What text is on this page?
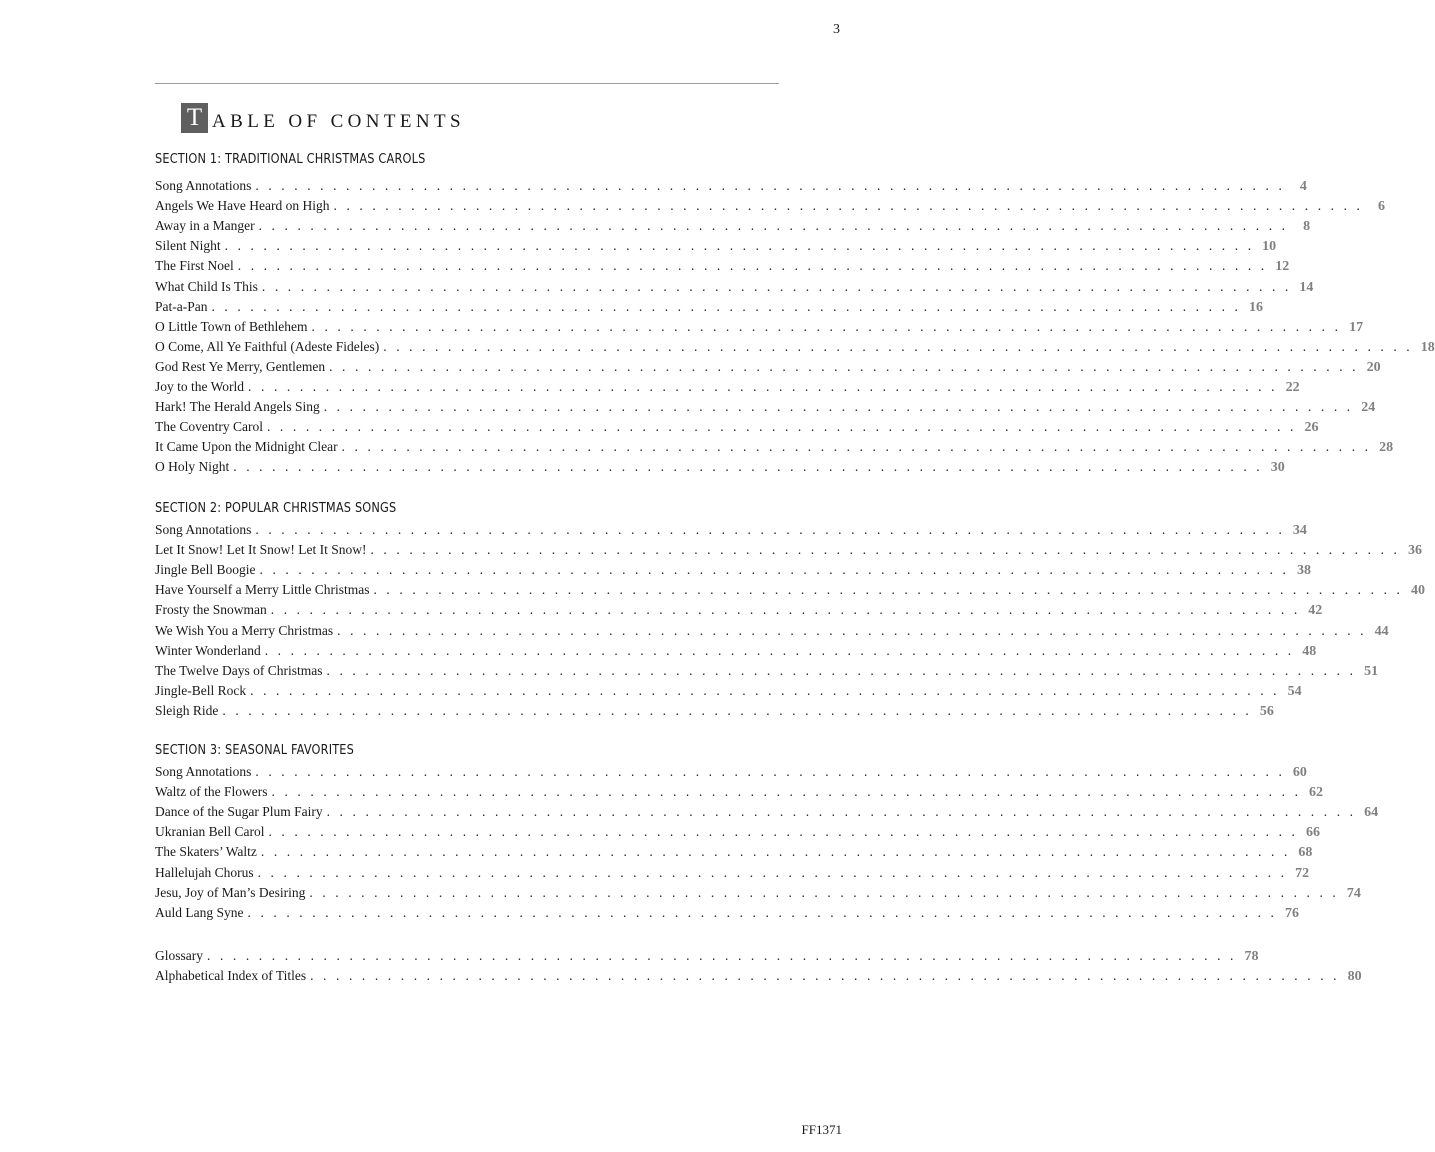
3
T ABLE OF CONTENTS
SECTION 1: TRADITIONAL CHRISTMAS CAROLS
Song Annotations . . . . . . . . . . . . . . . . . . . . . . . . . . . . . . . . . . . . . . . . . . . . . . . . . . . . . . . . . . . . . . . . . . . . . . . . . . . . . . . .	4
Angels We Have Heard on High . . . . . . . . . . . . . . . . . . . . . . . . . . . . . . . . . . . . . . . . . . . . . . . . . . . . . . . . . . . . . . . . . . . . . . . . . . . . . . . .	6
Away in a Manger . . . . . . . . . . . . . . . . . . . . . . . . . . . . . . . . . . . . . . . . . . . . . . . . . . . . . . . . . . . . . . . . . . . . . . . . . . . . . . . .	8
Silent Night . . . . . . . . . . . . . . . . . . . . . . . . . . . . . . . . . . . . . . . . . . . . . . . . . . . . . . . . . . . . . . . . . . . . . . . . . . . . . . . . 10
The First Noel . . . . . . . . . . . . . . . . . . . . . . . . . . . . . . . . . . . . . . . . . . . . . . . . . . . . . . . . . . . . . . . . . . . . . . . . . . . . . . . . 12
What Child Is This . . . . . . . . . . . . . . . . . . . . . . . . . . . . . . . . . . . . . . . . . . . . . . . . . . . . . . . . . . . . . . . . . . . . . . . . . . . . . . . . 14
Pat-a-Pan . . . . . . . . . . . . . . . . . . . . . . . . . . . . . . . . . . . . . . . . . . . . . . . . . . . . . . . . . . . . . . . . . . . . . . . . . . . . . . . . 16
O Little Town of Bethlehem . . . . . . . . . . . . . . . . . . . . . . . . . . . . . . . . . . . . . . . . . . . . . . . . . . . . . . . . . . . . . . . . . . . . . . . . . . . . . . . . 17
O Come, All Ye Faithful (Adeste Fideles) . . . . . . . . . . . . . . . . . . . . . . . . . . . . . . . . . . . . . . . . . . . . . . . . . . . . . . . . . . . . . . . . . . . . . . . . . . . . . . . . 18
God Rest Ye Merry, Gentlemen . . . . . . . . . . . . . . . . . . . . . . . . . . . . . . . . . . . . . . . . . . . . . . . . . . . . . . . . . . . . . . . . . . . . . . . . . . . . . . . . 20
Joy to the World . . . . . . . . . . . . . . . . . . . . . . . . . . . . . . . . . . . . . . . . . . . . . . . . . . . . . . . . . . . . . . . . . . . . . . . . . . . . . . . . 22
Hark! The Herald Angels Sing . . . . . . . . . . . . . . . . . . . . . . . . . . . . . . . . . . . . . . . . . . . . . . . . . . . . . . . . . . . . . . . . . . . . . . . . . . . . . . . . 24
The Coventry Carol . . . . . . . . . . . . . . . . . . . . . . . . . . . . . . . . . . . . . . . . . . . . . . . . . . . . . . . . . . . . . . . . . . . . . . . . . . . . . . . . 26
It Came Upon the Midnight Clear . . . . . . . . . . . . . . . . . . . . . . . . . . . . . . . . . . . . . . . . . . . . . . . . . . . . . . . . . . . . . . . . . . . . . . . . . . . . . . . . 28
O Holy Night . . . . . . . . . . . . . . . . . . . . . . . . . . . . . . . . . . . . . . . . . . . . . . . . . . . . . . . . . . . . . . . . . . . . . . . . . . . . . . . . 30
SECTION 2: POPULAR CHRISTMAS SONGS
Song Annotations . . . . . . . . . . . . . . . . . . . . . . . . . . . . . . . . . . . . . . . . . . . . . . . . . . . . . . . . . . . . . . . . . . . . . . . . . . . . . . . . 34
Let It Snow! Let It Snow! Let It Snow! . . . . . . . . . . . . . . . . . . . . . . . . . . . . . . . . . . . . . . . . . . . . . . . . . . . . . . . . . . . . . . . . . . . . . . . . . . . . . . . . 36
Jingle Bell Boogie . . . . . . . . . . . . . . . . . . . . . . . . . . . . . . . . . . . . . . . . . . . . . . . . . . . . . . . . . . . . . . . . . . . . . . . . . . . . . . . . 38
Have Yourself a Merry Little Christmas . . . . . . . . . . . . . . . . . . . . . . . . . . . . . . . . . . . . . . . . . . . . . . . . . . . . . . . . . . . . . . . . . . . . . . . . . . . . . . . . 40
Frosty the Snowman . . . . . . . . . . . . . . . . . . . . . . . . . . . . . . . . . . . . . . . . . . . . . . . . . . . . . . . . . . . . . . . . . . . . . . . . . . . . . . . . 42
We Wish You a Merry Christmas . . . . . . . . . . . . . . . . . . . . . . . . . . . . . . . . . . . . . . . . . . . . . . . . . . . . . . . . . . . . . . . . . . . . . . . . . . . . . . . . 44
Winter Wonderland . . . . . . . . . . . . . . . . . . . . . . . . . . . . . . . . . . . . . . . . . . . . . . . . . . . . . . . . . . . . . . . . . . . . . . . . . . . . . . . . 48
The Twelve Days of Christmas . . . . . . . . . . . . . . . . . . . . . . . . . . . . . . . . . . . . . . . . . . . . . . . . . . . . . . . . . . . . . . . . . . . . . . . . . . . . . . . . 51
Jingle-Bell Rock . . . . . . . . . . . . . . . . . . . . . . . . . . . . . . . . . . . . . . . . . . . . . . . . . . . . . . . . . . . . . . . . . . . . . . . . . . . . . . . . 54
Sleigh Ride . . . . . . . . . . . . . . . . . . . . . . . . . . . . . . . . . . . . . . . . . . . . . . . . . . . . . . . . . . . . . . . . . . . . . . . . . . . . . . . . 56
SECTION 3: SEASONAL FAVORITES
Song Annotations . . . . . . . . . . . . . . . . . . . . . . . . . . . . . . . . . . . . . . . . . . . . . . . . . . . . . . . . . . . . . . . . . . . . . . . . . . . . . . . . 60
Waltz of the Flowers . . . . . . . . . . . . . . . . . . . . . . . . . . . . . . . . . . . . . . . . . . . . . . . . . . . . . . . . . . . . . . . . . . . . . . . . . . . . . . . . 62
Dance of the Sugar Plum Fairy . . . . . . . . . . . . . . . . . . . . . . . . . . . . . . . . . . . . . . . . . . . . . . . . . . . . . . . . . . . . . . . . . . . . . . . . . . . . . . . . 64
Ukranian Bell Carol . . . . . . . . . . . . . . . . . . . . . . . . . . . . . . . . . . . . . . . . . . . . . . . . . . . . . . . . . . . . . . . . . . . . . . . . . . . . . . . . 66
The Skaters’ Waltz . . . . . . . . . . . . . . . . . . . . . . . . . . . . . . . . . . . . . . . . . . . . . . . . . . . . . . . . . . . . . . . . . . . . . . . . . . . . . . . . 68
Hallelujah Chorus . . . . . . . . . . . . . . . . . . . . . . . . . . . . . . . . . . . . . . . . . . . . . . . . . . . . . . . . . . . . . . . . . . . . . . . . . . . . . . . . 72
Jesu, Joy of Man’s Desiring . . . . . . . . . . . . . . . . . . . . . . . . . . . . . . . . . . . . . . . . . . . . . . . . . . . . . . . . . . . . . . . . . . . . . . . . . . . . . . . . 74
Auld Lang Syne . . . . . . . . . . . . . . . . . . . . . . . . . . . . . . . . . . . . . . . . . . . . . . . . . . . . . . . . . . . . . . . . . . . . . . . . . . . . . . . . 76
Glossary . . . . . . . . . . . . . . . . . . . . . . . . . . . . . . . . . . . . . . . . . . . . . . . . . . . . . . . . . . . . . . . . . . . . . . . . . . . . . . . . 78
Alphabetical Index of Titles . . . . . . . . . . . . . . . . . . . . . . . . . . . . . . . . . . . . . . . . . . . . . . . . . . . . . . . . . . . . . . . . . . . . . . . . . . . . . . . . 80
FF1371
